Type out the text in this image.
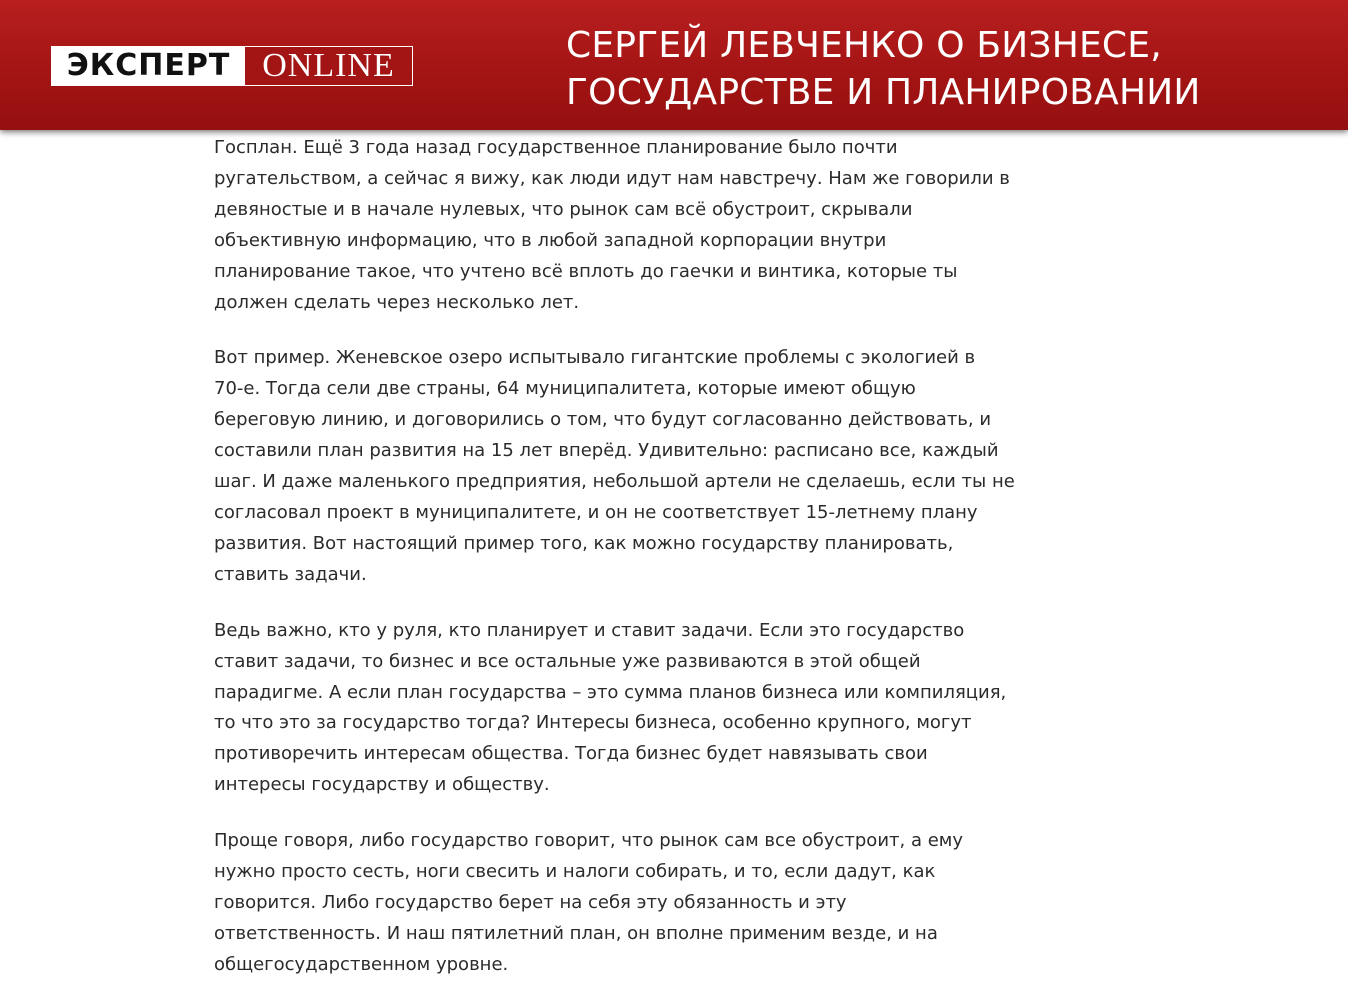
ЭКСПЕРТ ONLINE	СЕРГЕЙ ЛЕВЧЕНКО О БИЗНЕСЕ,
ГОСУДАРСТВЕ И ПЛАНИРОВАНИИ

Госплан. Ещё 3 года назад государственное планирование было почти
ругательством, а сейчас я вижу, как люди идут нам навстречу. Нам же говорили в
девяностые и в начале нулевых, что рынок сам всё обустроит, скрывали
объективную информацию, что в любой западной корпорации внутри
планирование такое, что учтено всё вплоть до гаечки и винтика, которые ты
должен сделать через несколько лет.

Вот пример. Женевское озеро испытывало гигантские проблемы с экологией в
70-е. Тогда сели две страны, 64 муниципалитета, которые имеют общую
береговую линию, и договорились о том, что будут согласованно действовать, и
составили план развития на 15 лет вперёд. Удивительно: расписано все, каждый
шаг. И даже маленького предприятия, небольшой артели не сделаешь, если ты не
согласовал проект в муниципалитете, и он не соответствует 15-летнему плану
развития. Вот настоящий пример того, как можно государству планировать,
ставить задачи.

Ведь важно, кто у руля, кто планирует и ставит задачи. Если это государство
ставит задачи, то бизнес и все остальные уже развиваются в этой общей
парадигме. А если план государства – это сумма планов бизнеса или компиляция,
то что это за государство тогда? Интересы бизнеса, особенно крупного, могут
противоречить интересам общества. Тогда бизнес будет навязывать свои
интересы государству и обществу.

Проще говоря, либо государство говорит, что рынок сам все обустроит, а ему
нужно просто сесть, ноги свесить и налоги собирать, и то, если дадут, как
говорится. Либо государство берет на себя эту обязанность и эту
ответственность. И наш пятилетний план, он вполне применим везде, и на
общегосударственном уровне.
